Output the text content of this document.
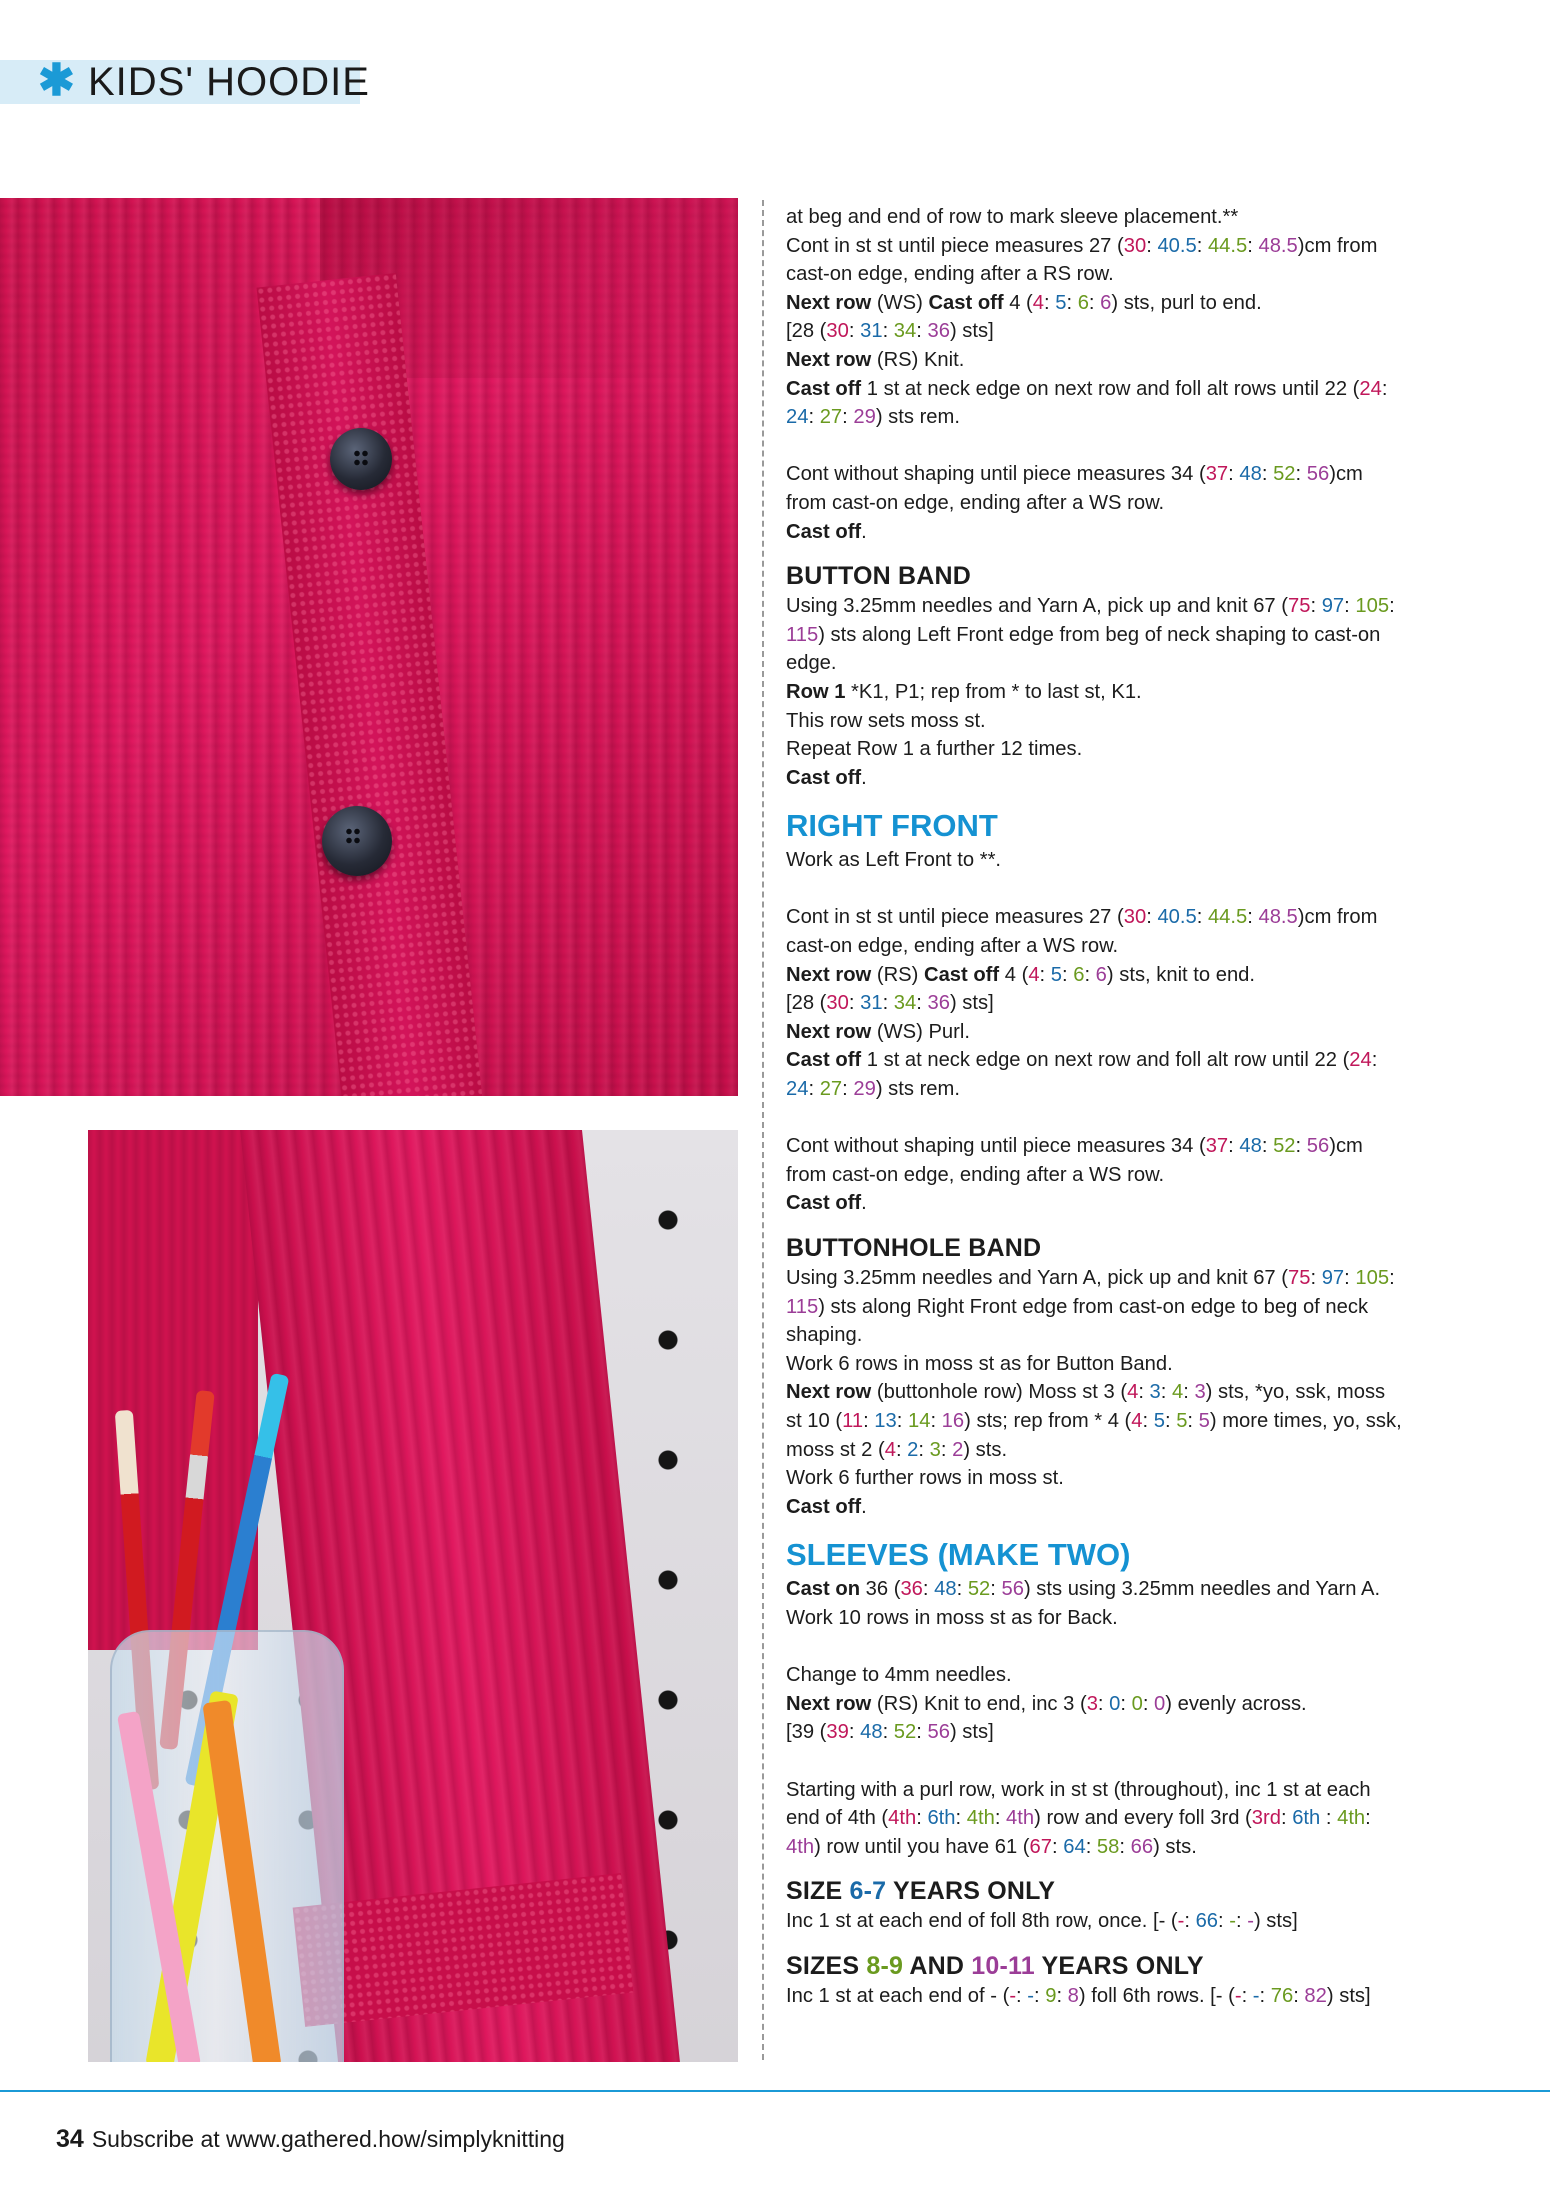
✱ KIDS' HOODIE

at beg and end of row to mark sleeve placement.**

Cont in st st until piece measures 27 (30: 40.5: 44.5: 48.5)cm from

cast-on edge, ending after a RS row.

Next row (WS) Cast off 4 (4: 5: 6: 6) sts, purl to end.

[28 (30: 31: 34: 36) sts]

Next row (RS) Knit.

Cast off 1 st at neck edge on next row and foll alt rows until 22 (24:

24: 27: 29) sts rem.

Cont without shaping until piece measures 34 (37: 48: 52: 56)cm

from cast-on edge, ending after a WS row.

Cast off.

BUTTON BAND

Using 3.25mm needles and Yarn A, pick up and knit 67 (75: 97: 105:

115) sts along Left Front edge from beg of neck shaping to cast-on

edge.

Row 1 *K1, P1; rep from * to last st, K1.

This row sets moss st.

Repeat Row 1 a further 12 times.

Cast off.

RIGHT FRONT

Work as Left Front to **.

Cont in st st until piece measures 27 (30: 40.5: 44.5: 48.5)cm from

cast-on edge, ending after a WS row.

Next row (RS) Cast off 4 (4: 5: 6: 6) sts, knit to end.

[28 (30: 31: 34: 36) sts]

Next row (WS) Purl.

Cast off 1 st at neck edge on next row and foll alt row until 22 (24:

24: 27: 29) sts rem.

Cont without shaping until piece measures 34 (37: 48: 52: 56)cm

from cast-on edge, ending after a WS row.

Cast off.

BUTTONHOLE BAND

Using 3.25mm needles and Yarn A, pick up and knit 67 (75: 97: 105:

115) sts along Right Front edge from cast-on edge to beg of neck

shaping.

Work 6 rows in moss st as for Button Band.

Next row (buttonhole row) Moss st 3 (4: 3: 4: 3) sts, *yo, ssk, moss

st 10 (11: 13: 14: 16) sts; rep from * 4 (4: 5: 5: 5) more times, yo, ssk,

moss st 2 (4: 2: 3: 2) sts.

Work 6 further rows in moss st.

Cast off.

SLEEVES (MAKE TWO)

Cast on 36 (36: 48: 52: 56) sts using 3.25mm needles and Yarn A.

Work 10 rows in moss st as for Back.

Change to 4mm needles.

Next row (RS) Knit to end, inc 3 (3: 0: 0: 0) evenly across.

[39 (39: 48: 52: 56) sts]

Starting with a purl row, work in st st (throughout), inc 1 st at each

end of 4th (4th: 6th: 4th: 4th) row and every foll 3rd (3rd: 6th : 4th:

4th) row until you have 61 (67: 64: 58: 66) sts.

SIZE 6-7 YEARS ONLY

Inc 1 st at each end of foll 8th row, once. [- (-: 66: -: -) sts]

SIZES 8-9 AND 10-11 YEARS ONLY

Inc 1 st at each end of - (-: -: 9: 8) foll 6th rows. [- (-: -: 76: 82) sts]

34 Subscribe at www.gathered.how/simplyknitting
